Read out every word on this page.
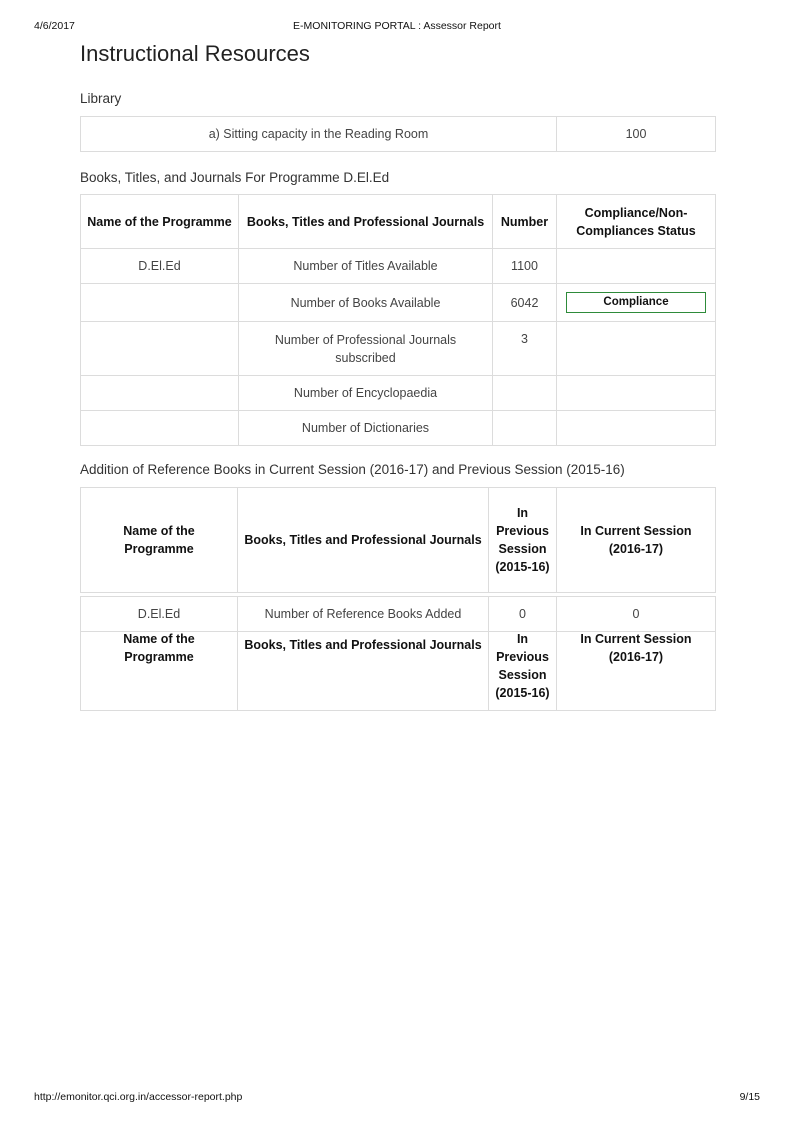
4/6/2017	E-MONITORING PORTAL : Assessor Report
Instructional Resources
Library
a) Sitting capacity in the Reading Room	100
Books, Titles, and Journals For Programme D.El.Ed
Name of the Programme	Books, Titles and Professional Journals	Number	Compliance/Non-Compliances Status
D.El.Ed	Number of Titles Available	1100	
	Number of Books Available	6042	Compliance

	Number of Professional Journals subscribed	3	
	Number of Encyclopaedia		
	Number of Dictionaries		
Addition of Reference Books in Current Session (2016-17) and Previous Session (2015-16)
Name of the Programme	Books, Titles and Professional Journals	In Previous Session (2015-16)	In Current Session (2016-17)
D.El.Ed	Number of Reference Books Added	0	0
Name of the Programme	Books, Titles and Professional Journals	In Previous Session (2015-16)	In Current Session (2016-17)
http://emonitor.qci.org.in/accessor-report.php	9/15
